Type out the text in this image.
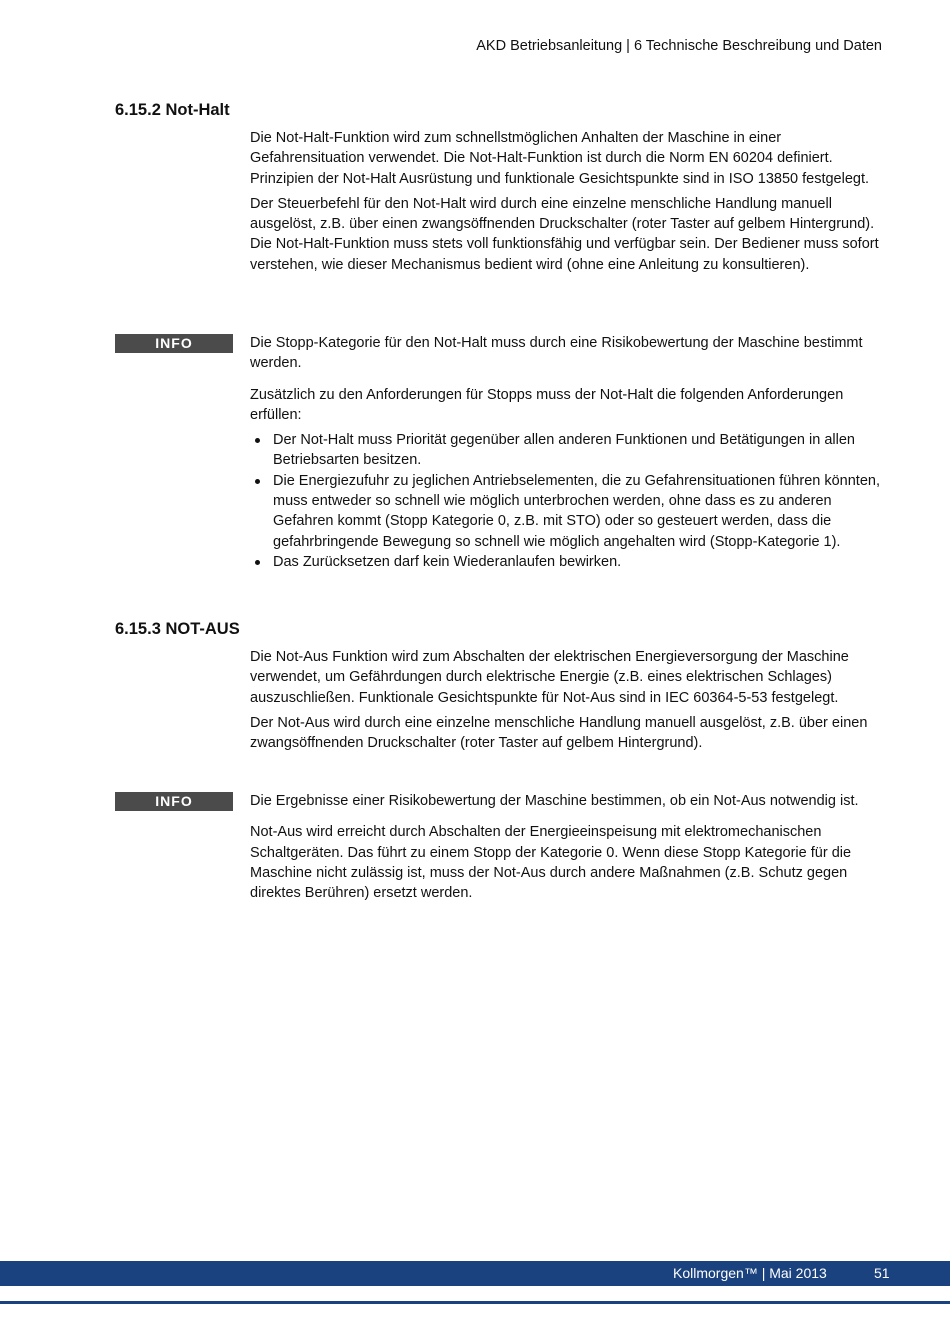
AKD Betriebsanleitung | 6 Technische Beschreibung und Daten
6.15.2 Not-Halt

Die Not-Halt-Funktion wird zum schnellstmöglichen Anhalten der Maschine in einer Gefahrensituation verwendet. Die Not-Halt-Funktion ist durch die Norm EN 60204 definiert. Prinzipien der Not-Halt Ausrüstung und funktionale Gesichtspunkte sind in ISO 13850 festgelegt.

Der Steuerbefehl für den Not-Halt wird durch eine einzelne menschliche Handlung manuell ausgelöst, z.B. über einen zwangsöffnenden Druckschalter (roter Taster auf gelbem Hintergrund). Die Not-Halt-Funktion muss stets voll funktionsfähig und verfügbar sein. Der Bediener muss sofort verstehen, wie dieser Mechanismus bedient wird (ohne eine Anleitung zu konsultieren).

INFO	Die Stopp-Kategorie für den Not-Halt muss durch eine Risikobewertung der Maschine bestimmt werden.

Zusätzlich zu den Anforderungen für Stopps muss der Not-Halt die folgenden Anforderungen erfüllen:

Der Not-Halt muss Priorität gegenüber allen anderen Funktionen und Betätigungen in allen Betriebsarten besitzen.
Die Energiezufuhr zu jeglichen Antriebselementen, die zu Gefahrensituationen führen könnten, muss entweder so schnell wie möglich unterbrochen werden, ohne dass es zu anderen Gefahren kommt (Stopp Kategorie 0, z.B. mit STO) oder so gesteuert werden, dass die gefahrbringende Bewegung so schnell wie möglich angehalten wird (Stopp-Kategorie 1).
Das Zurücksetzen darf kein Wiederanlaufen bewirken.
6.15.3 NOT-AUS

Die Not-Aus Funktion wird zum Abschalten der elektrischen Energieversorgung der Maschine verwendet, um Gefährdungen durch elektrische Energie (z.B. eines elektrischen Schlages) auszuschließen. Funktionale Gesichtspunkte für Not-Aus sind in IEC 60364-5-53 festgelegt.

Der Not-Aus wird durch eine einzelne menschliche Handlung manuell ausgelöst, z.B. über einen zwangsöffnenden Druckschalter (roter Taster auf gelbem Hintergrund).

INFO	Die Ergebnisse einer Risikobewertung der Maschine bestimmen, ob ein Not-Aus notwendig ist.

Not-Aus wird erreicht durch Abschalten der Energieeinspeisung mit elektromechanischen Schaltgeräten. Das führt zu einem Stopp der Kategorie 0. Wenn diese Stopp Kategorie für die Maschine nicht zulässig ist, muss der Not-Aus durch andere Maßnahmen (z.B. Schutz gegen direktes Berühren) ersetzt werden.

Kollmorgen™ | Mai 2013	51
